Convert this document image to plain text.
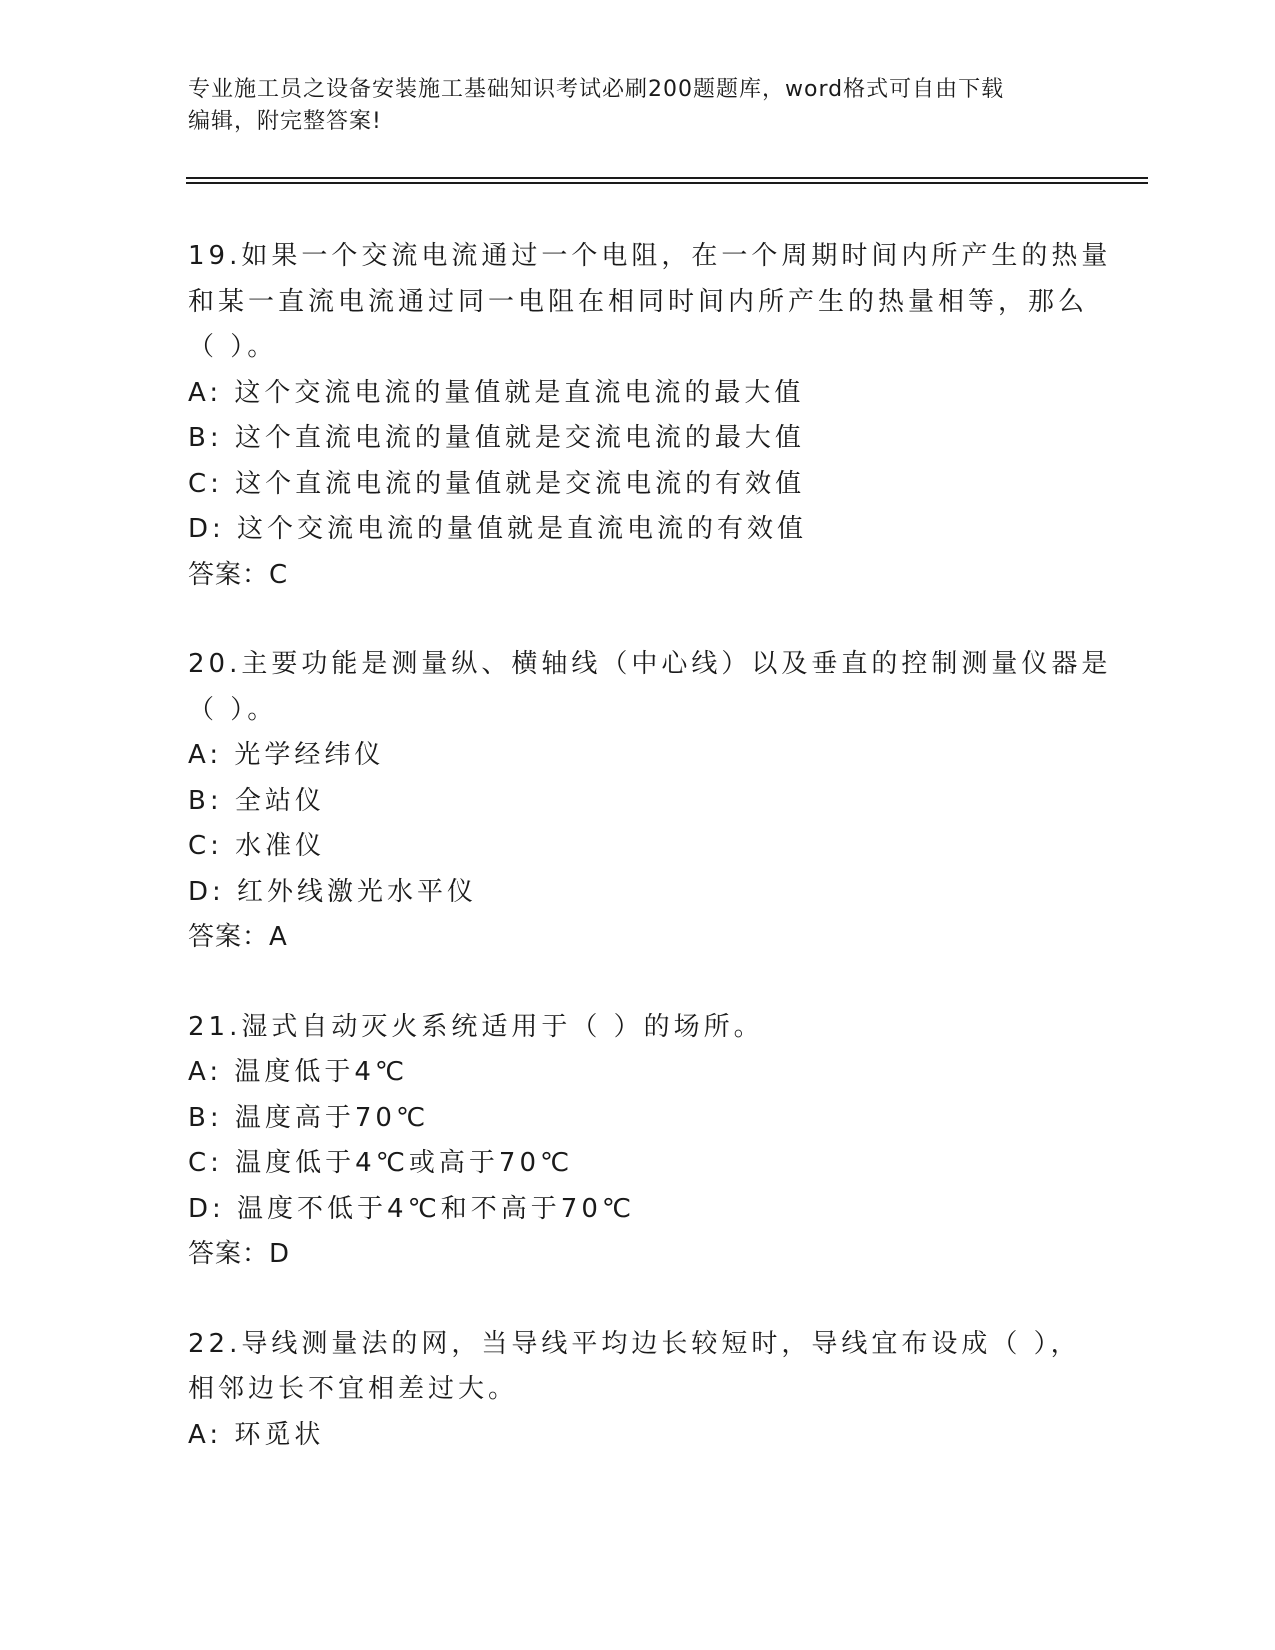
专业施工员之设备安装施工基础知识考试必刷200题题库，word格式可自由下载
编辑，附完整答案!
19.如果一个交流电流通过一个电阻，在一个周期时间内所产生的热量
和某一直流电流通过同一电阻在相同时间内所产生的热量相等，那么
（ ）。
A: 这个交流电流的量值就是直流电流的最大值
B: 这个直流电流的量值就是交流电流的最大值
C: 这个直流电流的量值就是交流电流的有效值
D: 这个交流电流的量值就是直流电流的有效值
答案：C
20.主要功能是测量纵、横轴线（中心线）以及垂直的控制测量仪器是
（ ）。
A: 光学经纬仪
B: 全站仪
C: 水准仪
D: 红外线激光水平仪
答案：A
21.湿式自动灭火系统适用于（ ）的场所。
A: 温度低于4℃
B: 温度高于70℃
C: 温度低于4℃或高于70℃
D: 温度不低于4℃和不高于70℃
答案：D
22.导线测量法的网，当导线平均边长较短时，导线宜布设成（ ），
相邻边长不宜相差过大。
A: 环觅状
